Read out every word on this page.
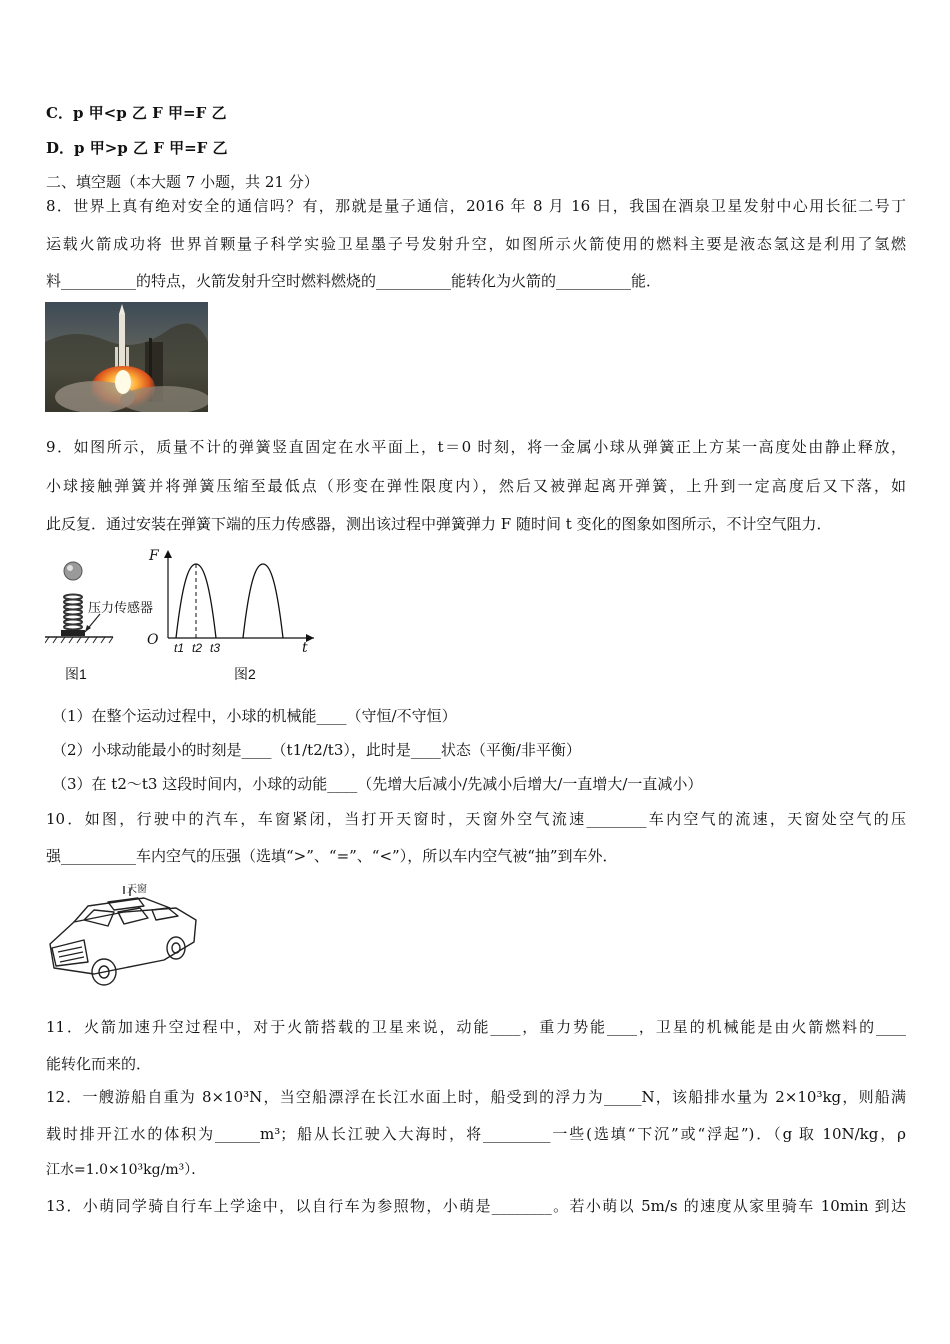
C．p 甲<p 乙 F 甲=F 乙
D．p 甲>p 乙 F 甲=F 乙
二、填空题（本大题 7 小题，共 21 分）
8．世界上真有绝对安全的通信吗？有，那就是量子通信，2016 年 8 月 16 日，我国在酒泉卫星发射中心用长征二号丁
运载火箭成功将 世界首颗量子科学实验卫星墨子号发射升空，如图所示火箭使用的燃料主要是液态氢这是利用了氢燃
料__________的特点，火箭发射升空时燃料燃烧的__________能转化为火箭的__________能．
9．如图所示，质量不计的弹簧竖直固定在水平面上，t＝0 时刻，将一金属小球从弹簧正上方某一高度处由静止释放，
小球接触弹簧并将弹簧压缩至最低点（形变在弹性限度内），然后又被弹起离开弹簧，上升到一定高度后又下落，如
此反复．通过安装在弹簧下端的压力传感器，测出该过程中弹簧弹力 F 随时间 t 变化的图象如图所示，不计空气阻力．
压力传感器
图1
F
O	t
t1 t2 t3
图2
（1）在整个运动过程中，小球的机械能____（守恒/不守恒）
（2）小球动能最小的时刻是____（t1/t2/t3），此时是____状态（平衡/非平衡）
（3）在 t2～t3 这段时间内，小球的动能____（先增大后减小/先减小后增大/一直增大/一直减小）
10．如图，行驶中的汽车，车窗紧闭，当打开天窗时，天窗外空气流速________车内空气的流速，天窗处空气的压
强__________车内空气的压强（选填“>”、“=”、“<”），所以车内空气被“抽”到车外．
天窗
11．火箭加速升空过程中，对于火箭搭载的卫星来说，动能____，重力势能____，卫星的机械能是由火箭燃料的____
能转化而来的．
12．一艘游船自重为 8×10³N，当空船漂浮在长江水面上时，船受到的浮力为_____N，该船排水量为 2×10³kg，则船满
载时排开江水的体积为______m³；船从长江驶入大海时，将_________一些(选填“下沉”或“浮起”)．（g 取 10N/kg，ρ
江水=1.0×10³kg/m³）．
13．小萌同学骑自行车上学途中，以自行车为参照物，小萌是________。若小萌以 5m/s 的速度从家里骑车 10min 到达
